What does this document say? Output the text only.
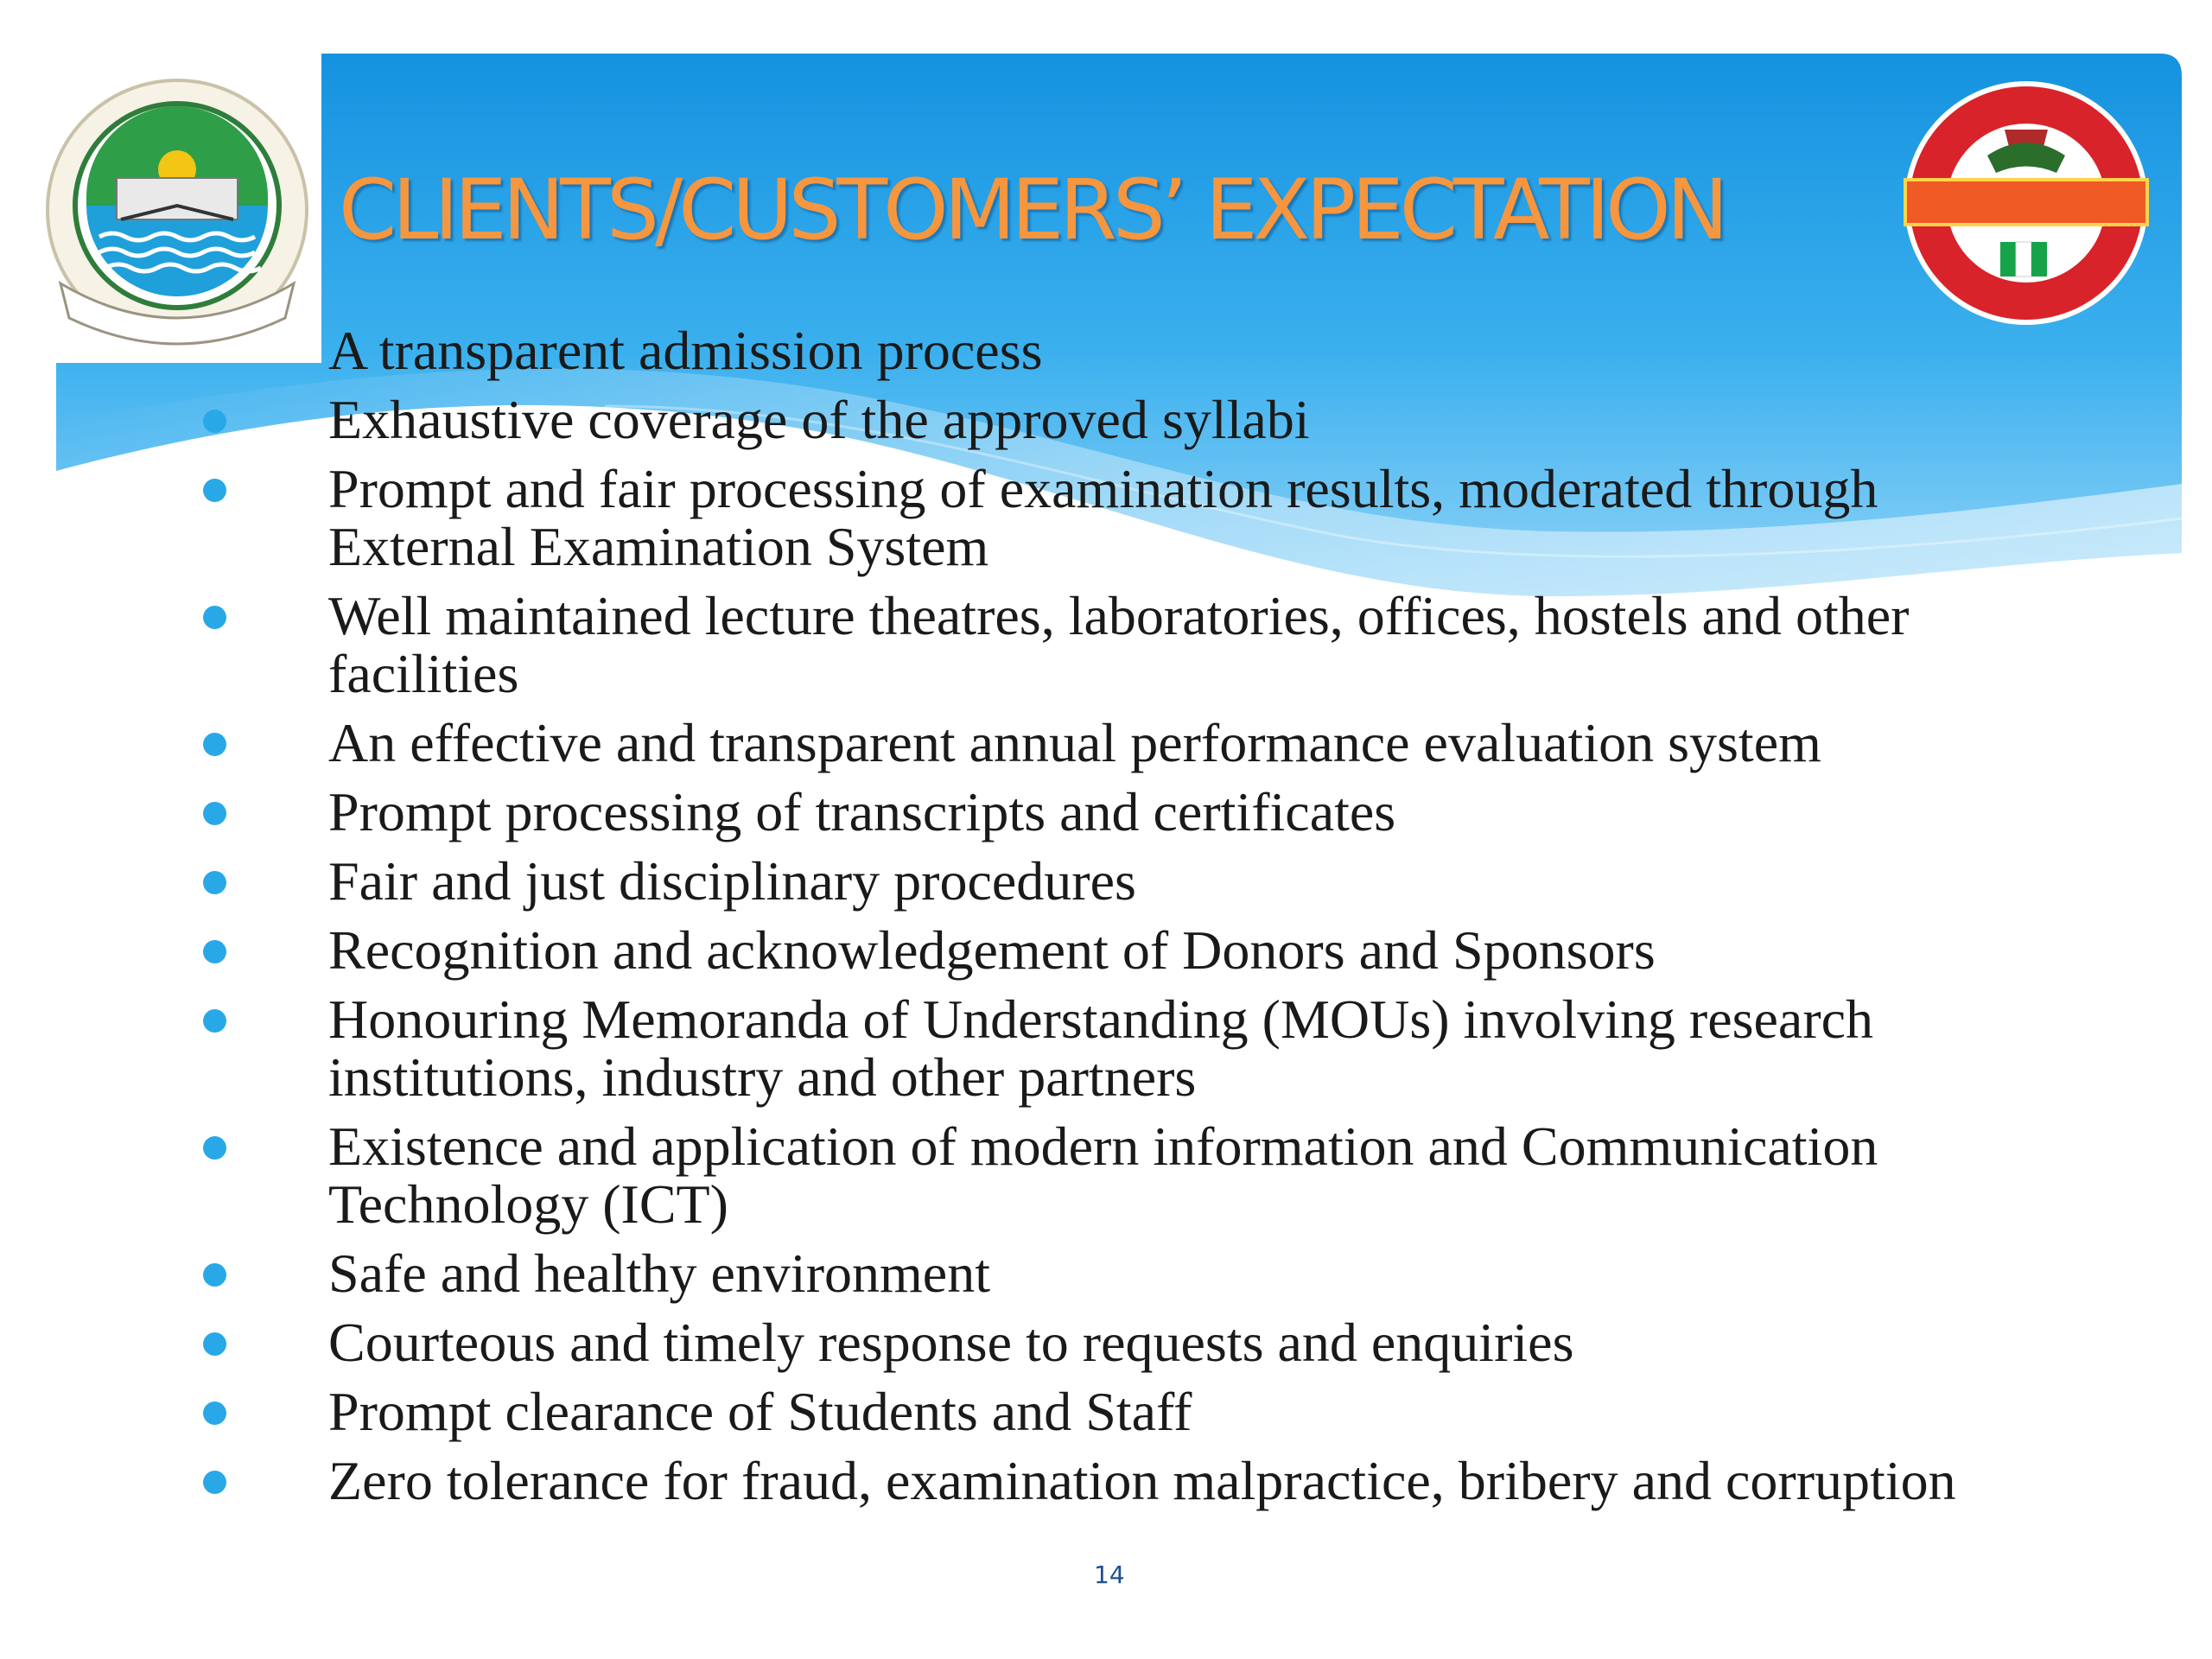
CLIENTS/CUSTOMERS’ EXPECTATION
A transparent admission process
Exhaustive coverage of the approved syllabi
Prompt and fair processing of examination results, moderated through External Examination System
Well maintained lecture theatres, laboratories, offices, hostels and other facilities
An effective and transparent annual performance evaluation system
Prompt processing of transcripts and certificates
Fair and just disciplinary procedures
Recognition and acknowledgement of Donors and Sponsors
Honouring Memoranda of Understanding (MOUs) involving research institutions, industry and other partners
Existence and application of modern information and Communication Technology (ICT)
Safe and healthy environment
Courteous and timely response to requests and enquiries
Prompt clearance of Students and Staff
Zero tolerance for fraud, examination malpractice, bribery and corruption
14
